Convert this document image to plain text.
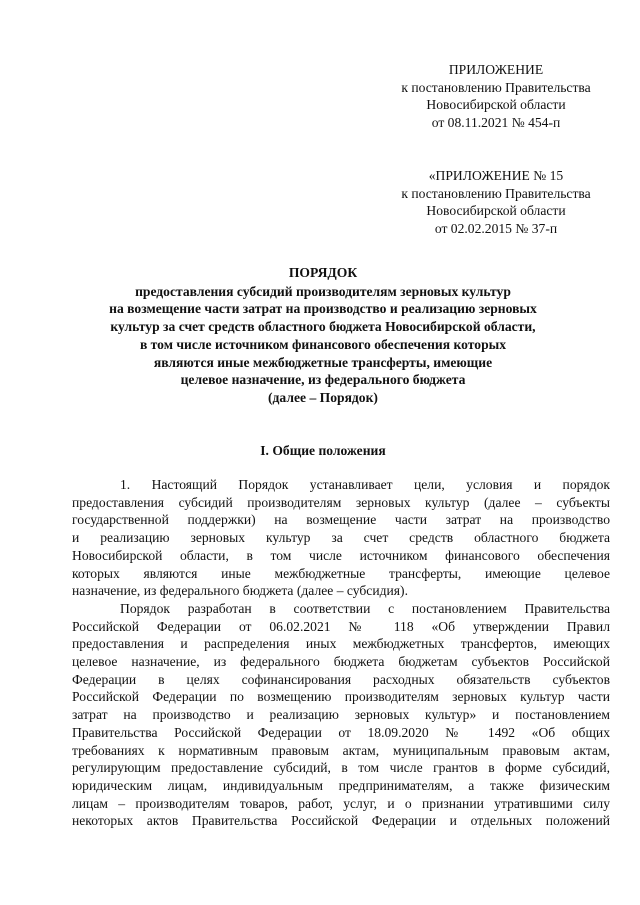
ПРИЛОЖЕНИЕ
к постановлению Правительства
Новосибирской области
от 08.11.2021 № 454-п
«ПРИЛОЖЕНИЕ № 15
к постановлению Правительства
Новосибирской области
от 02.02.2015 № 37-п
ПОРЯДОК
предоставления субсидий производителям зерновых культур
на возмещение части затрат на производство и реализацию зерновых
культур за счет средств областного бюджета Новосибирской области,
в том числе источником финансового обеспечения которых
являются иные межбюджетные трансферты, имеющие
целевое назначение, из федерального бюджета
(далее – Порядок)
I. Общие положения
1. Настоящий Порядок устанавливает цели, условия и порядок
предоставления субсидий производителям зерновых культур (далее – субъекты
государственной поддержки) на возмещение части затрат на производство
и реализацию зерновых культур за счет средств областного бюджета
Новосибирской области, в том числе источником финансового обеспечения
которых являются иные межбюджетные трансферты, имеющие целевое
назначение, из федерального бюджета (далее – субсидия).
Порядок разработан в соответствии с постановлением Правительства
Российской Федерации от 06.02.2021 № 118 «Об утверждении Правил
предоставления и распределения иных межбюджетных трансфертов, имеющих
целевое назначение, из федерального бюджета бюджетам субъектов Российской
Федерации в целях софинансирования расходных обязательств субъектов
Российской Федерации по возмещению производителям зерновых культур части
затрат на производство и реализацию зерновых культур» и постановлением
Правительства Российской Федерации от 18.09.2020 № 1492 «Об общих
требованиях к нормативным правовым актам, муниципальным правовым актам,
регулирующим предоставление субсидий, в том числе грантов в форме субсидий,
юридическим лицам, индивидуальным предпринимателям, а также физическим
лицам – производителям товаров, работ, услуг, и о признании утратившими силу
некоторых актов Правительства Российской Федерации и отдельных положений
